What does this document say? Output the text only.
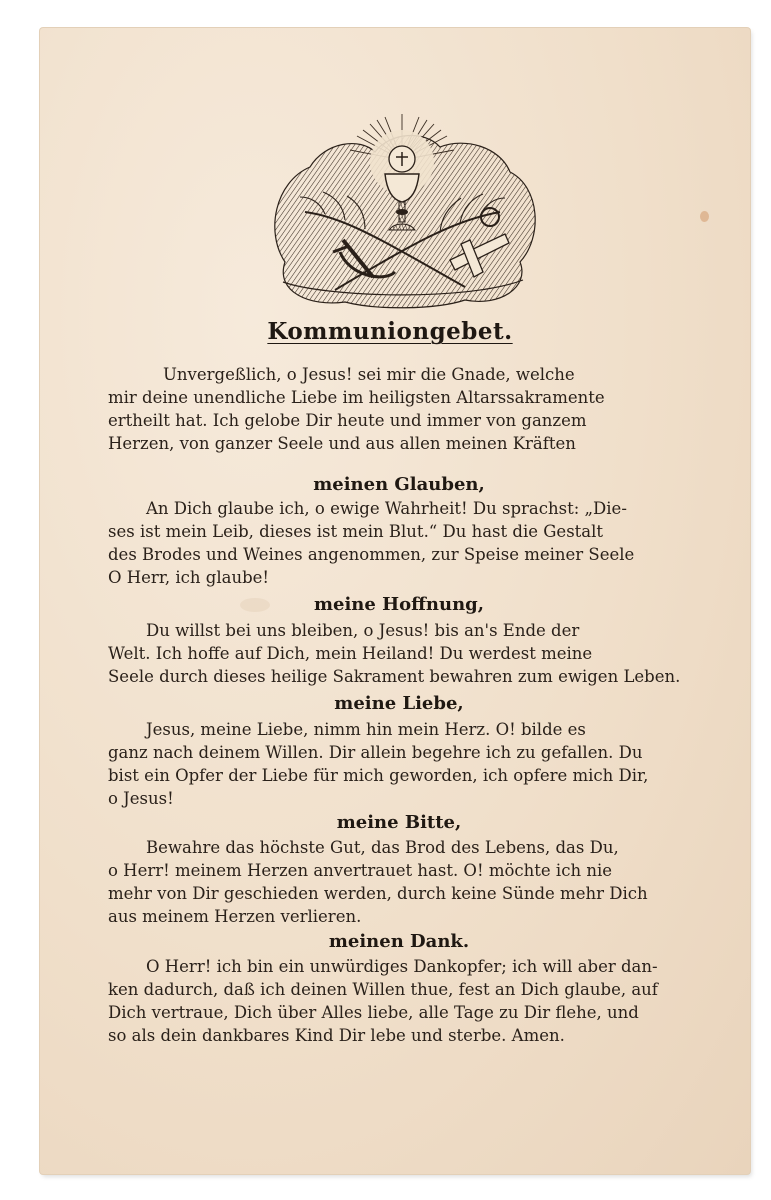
Kommuniongebet.
Unvergeßlich, o Jesus! sei mir die Gnade, welche
mir deine unendliche Liebe im heiligsten Altarssakramente
ertheilt hat. Ich gelobe Dir heute und immer von ganzem
Herzen, von ganzer Seele und aus allen meinen Kräften
meinen Glauben,
An Dich glaube ich, o ewige Wahrheit! Du sprachst: „Die-
ses ist mein Leib, dieses ist mein Blut.“ Du hast die Gestalt
des Brodes und Weines angenommen, zur Speise meiner Seele
O Herr, ich glaube!
meine Hoffnung,
Du willst bei uns bleiben, o Jesus! bis an's Ende der
Welt. Ich hoffe auf Dich, mein Heiland! Du werdest meine
Seele durch dieses heilige Sakrament bewahren zum ewigen Leben.
meine Liebe,
Jesus, meine Liebe, nimm hin mein Herz. O! bilde es
ganz nach deinem Willen. Dir allein begehre ich zu gefallen. Du
bist ein Opfer der Liebe für mich geworden, ich opfere mich Dir,
o Jesus!
meine Bitte,
Bewahre das höchste Gut, das Brod des Lebens, das Du,
o Herr! meinem Herzen anvertrauet hast. O! möchte ich nie
mehr von Dir geschieden werden, durch keine Sünde mehr Dich
aus meinem Herzen verlieren.
meinen Dank.
O Herr! ich bin ein unwürdiges Dankopfer; ich will aber dan-
ken dadurch, daß ich deinen Willen thue, fest an Dich glaube, auf
Dich vertraue, Dich über Alles liebe, alle Tage zu Dir flehe, und
so als dein dankbares Kind Dir lebe und sterbe. Amen.
